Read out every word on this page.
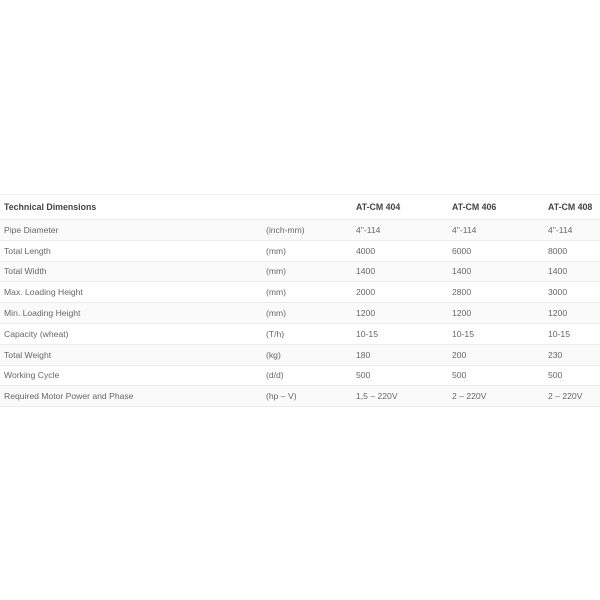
Technical Dimensions		AT-CM 404	AT-CM 406	AT-CM 408
Pipe Diameter	(inch-mm)	4"-114	4"-114	4"-114
Total Length	(mm)	4000	6000	8000
Total Width	(mm)	1400	1400	1400
Max. Loading Height	(mm)	2000	2800	3000
Min. Loading Height	(mm)	1200	1200	1200
Capacity (wheat)	(T/h)	10-15	10-15	10-15
Total Weight	(kg)	180	200	230
Working Cycle	(d/d)	500	500	500
Required Motor Power and Phase	(hp – V)	1,5 – 220V	2 – 220V	2 – 220V
